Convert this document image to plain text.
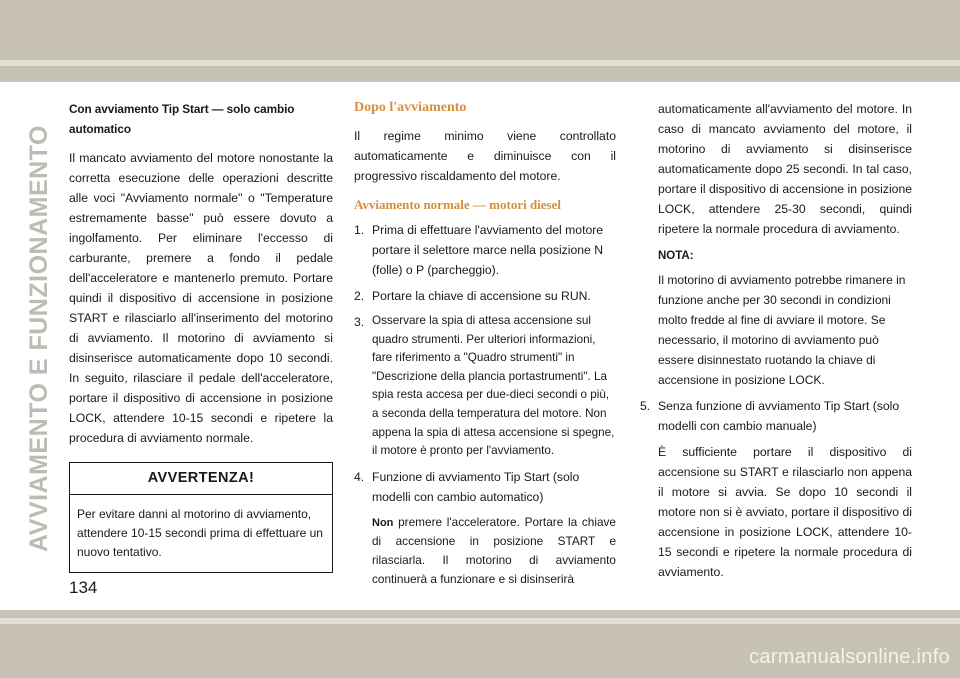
AVVIAMENTO E FUNZIONAMENTO

Con avviamento Tip Start — solo cambio automatico

Il mancato avviamento del motore nonostante la corretta esecuzione delle operazioni descritte alle voci "Avviamento normale" o "Temperature estremamente basse" può essere dovuto a ingolfamento. Per eliminare l'eccesso di carburante, premere a fondo il pedale dell'acceleratore e mantenerlo premuto. Portare quindi il dispositivo di accensione in posizione START e rilasciarlo all'inserimento del motorino di avviamento. Il motorino di avviamento si disinserisce automaticamente dopo 10 secondi. In seguito, rilasciare il pedale dell'acceleratore, portare il dispositivo di accensione in posizione LOCK, attendere 10-15 secondi e ripetere la procedura di avviamento normale.

AVVERTENZA!
Per evitare danni al motorino di avviamento, attendere 10-15 secondi prima di effettuare un nuovo tentativo.

Dopo l'avviamento

Il regime minimo viene controllato automaticamente e diminuisce con il progressivo riscaldamento del motore.

Avviamento normale — motori diesel

1. Prima di effettuare l'avviamento del motore portare il selettore marce nella posizione N (folle) o P (parcheggio).
2. Portare la chiave di accensione su RUN.
3. Osservare la spia di attesa accensione sul quadro strumenti. Per ulteriori informazioni, fare riferimento a "Quadro strumenti" in "Descrizione della plancia portastrumenti". La spia resta accesa per due-dieci secondi o più, a seconda della temperatura del motore. Non appena la spia di attesa accensione si spegne, il motore è pronto per l'avviamento.
4. Funzione di avviamento Tip Start (solo modelli con cambio automatico)

Non premere l'acceleratore. Portare la chiave di accensione in posizione START e rilasciarla. Il motorino di avviamento continuerà a funzionare e si disinserirà

automaticamente all'avviamento del motore. In caso di mancato avviamento del motore, il motorino di avviamento si disinserisce automaticamente dopo 25 secondi. In tal caso, portare il dispositivo di accensione in posizione LOCK, attendere 25-30 secondi, quindi ripetere la normale procedura di avviamento.

NOTA:

Il motorino di avviamento potrebbe rimanere in funzione anche per 30 secondi in condizioni molto fredde al fine di avviare il motore. Se necessario, il motorino di avviamento può essere disinnestato ruotando la chiave di accensione in posizione LOCK.

5. Senza funzione di avviamento Tip Start (solo modelli con cambio manuale)

È sufficiente portare il dispositivo di accensione su START e rilasciarlo non appena il motore si avvia. Se dopo 10 secondi il motore non si è avviato, portare il dispositivo di accensione in posizione LOCK, attendere 10-15 secondi e ripetere la normale procedura di avviamento.

134
carmanualsonline.info
